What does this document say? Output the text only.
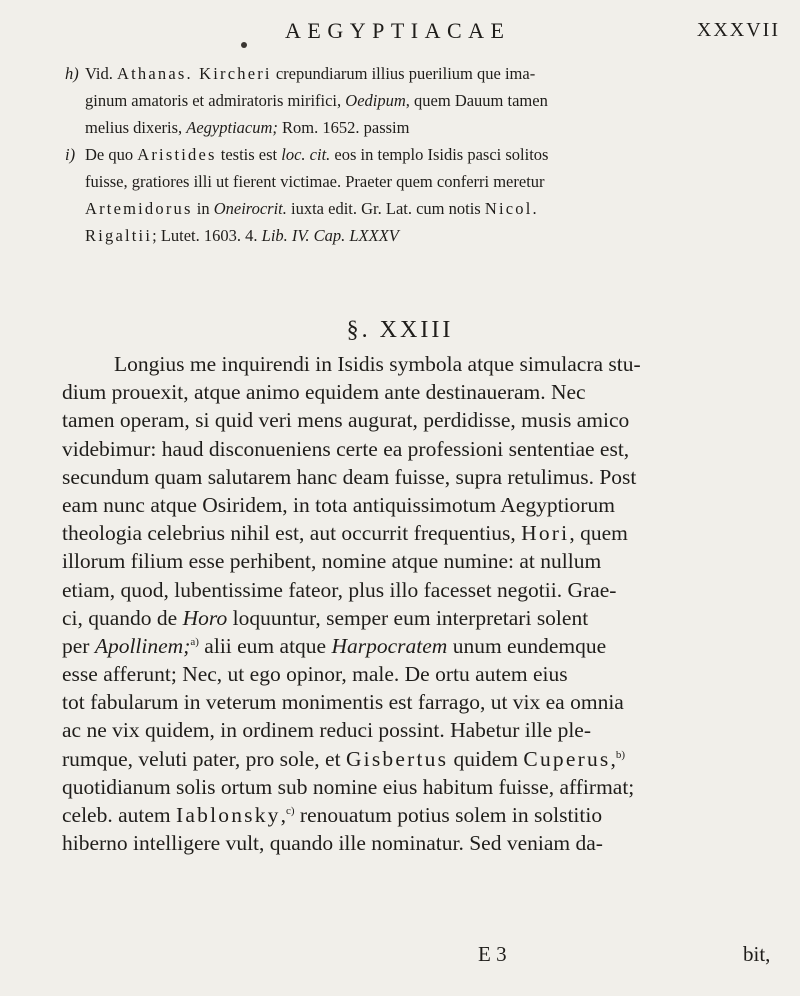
AEGYPTIACAE	XXXVII
h) Vid. Athanas. Kircheri crepundiarum illius puerilium que ima-
ginum amatoris et admiratoris mirifici, Oedipum, quem Dauum tamen
melius dixeris, Aegyptiacum; Rom. 1652. passim
i) De quo Aristides testis est loc. cit. eos in templo Isidis pasci solitos
fuisse, gratiores illi ut fierent victimae. Praeter quem conferri meretur
Artemidorus in Oneirocrit. iuxta edit. Gr. Lat. cum notis Nicol.
Rigaltii; Lutet. 1603. 4. Lib. IV. Cap. LXXXV
§. XXIII
Longius me inquirendi in Isidis symbola atque simulacra stu-
dium prouexit, atque animo equidem ante destinaueram. Nec
tamen operam, si quid veri mens augurat, perdidisse, musis amico
videbimur: haud disconueniens certe ea professioni sententiae est,
secundum quam salutarem hanc deam fuisse, supra retulimus. Post
eam nunc atque Osiridem, in tota antiquissimotum Aegyptiorum
theologia celebrius nihil est, aut occurrit frequentius, Hori, quem
illorum filium esse perhibent, nomine atque numine: at nullum
etiam, quod, lubentissime fateor, plus illo facesset negotii. Grae-
ci, quando de Horo loquuntur, semper eum interpretari solent
per Apollinem;$^{a)}$ alii eum atque Harpocratem unum eundemque
esse afferunt; Nec, ut ego opinor, male. De ortu autem eius
tot fabularum in veterum monimentis est farrago, ut vix ea omnia
ac ne vix quidem, in ordinem reduci possint. Habetur ille ple-
rumque, veluti pater, pro sole, et Gisbertus quidem Cuperus,$^{b)}$
quotidianum solis ortum sub nomine eius habitum fuisse, affirmat;
celeb. autem Iablonsky,$^{c)}$ renouatum potius solem in solstitio
hiberno intelligere vult, quando ille nominatur. Sed veniam da-
E 3	bit,
